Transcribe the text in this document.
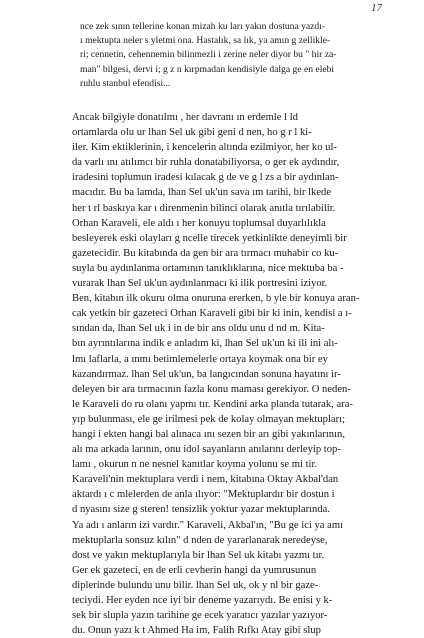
17

nce zek sının tellerine konan mizah ku ları yakın dostuna yazdı-
ı mektupta neler s yletmi ona. Hastalık, sa lık, ya amın g zellikle-
ri; cennetin, cehennemin bilinmezli i zerine neler diyor bu " hir za-
man" bilgesi, dervi i; g z n kırpmadan kendisiyle dalga ge en elebi
ruhlu stanbul efendisi...

Ancak bilgiyle donatılmı , her davranı ın erdemle l ld
ortamlarda olu ur lhan Sel uk gibi geni d nen, ho g r l ki-
iler. Kim ektiklerinin, i kencelerin altında ezilmiyor, her ko ul-
da varlı ını atılımcı bir ruhla donatabiliyorsa, o ger ek aydındır,
iradesini toplumun iradesi kılacak g de ve g l zs a bir aydınlan-
macıdır. Bu ba lamda, lhan Sel uk'un sava ım tarihi, bir lkede
her t rl baskıya kar ı direnmenin bilinci olarak anıtla tırılabilir.

Orhan Karaveli, ele aldı ı her konuyu toplumsal duyarlılıkla
besleyerek eski olayları g ncelle tirecek yetkinlikte deneyimli bir
gazetecidir. Bu kitabında da gen bir ara tırmacı muhabir co ku-
suyla bu aydınlanma ortamının tanıklıklarına, nice mektuba ba -
vurarak lhan Sel uk'un aydınlanmacı ki ilik portresini iziyor.
Ben, kitabın ilk okuru olma onuruna ererken, b yle bir konuya aran-
cak yetkin bir gazeteci Orhan Karaveli gibi bir ki inin, kendisi a ı-
sından da, lhan Sel uk i in de bir ans oldu unu d nd m. Kita-
bın ayrıntılarına indik e anladım ki, lhan Sel uk'un ki ili ini alı-
lmı laflarla, a ınmı betimlemelerle ortaya koymak ona bir ey
kazandırmaz. lhan Sel uk'un, ba langıcından sonuna hayatını ir-
deleyen bir ara tırmacının fazla konu maması gerekiyor. O neden-
le Karaveli do ru olanı yapmı tır. Kendini arka planda tutarak, ara-
yıp bulunması, ele ge irilmesi pek de kolay olmayan mektupları;
hangi i ekten hangi bal alınaca ını sezen bir arı gibi yakınlarının,
alı ma arkada larının, onu idol sayanların anılarını derleyip top-
lamı , okurun n ne nesnel kanıtlar koyma yolunu se mi tir.

Karaveli'nin mektuplara verdi i nem, kitabına Oktay Akbal'dan
aktardı ı c mlelerden de anla ılıyor: "Mektuplardır bir dostun i
d nyasını size g steren! tensizlik yoktur yazar mektuplarında.
Ya adı ı anların izi vardır." Karaveli, Akbal'ın, "Bu ge ici ya amı
mektuplarla sonsuz kılın" d nden de yararlanarak neredeyse,
dost ve yakın mektuplarıyla bir lhan Sel uk kitabı yazmı tır.

Ger ek gazeteci, en de erli cevherin hangi da yumrusunun
diplerinde bulundu unu bilir. lhan Sel uk, ok y nl bir gaze-
teciydi. Her eyden nce iyi bir deneme yazarıydı. Be enisi y k-
sek bir slupla yazın tarihine ge ecek yaratıcı yazılar yazıyor-
du. Onun yazı k t Ahmed Ha im, Falih Rıfkı Atay gibi slup
